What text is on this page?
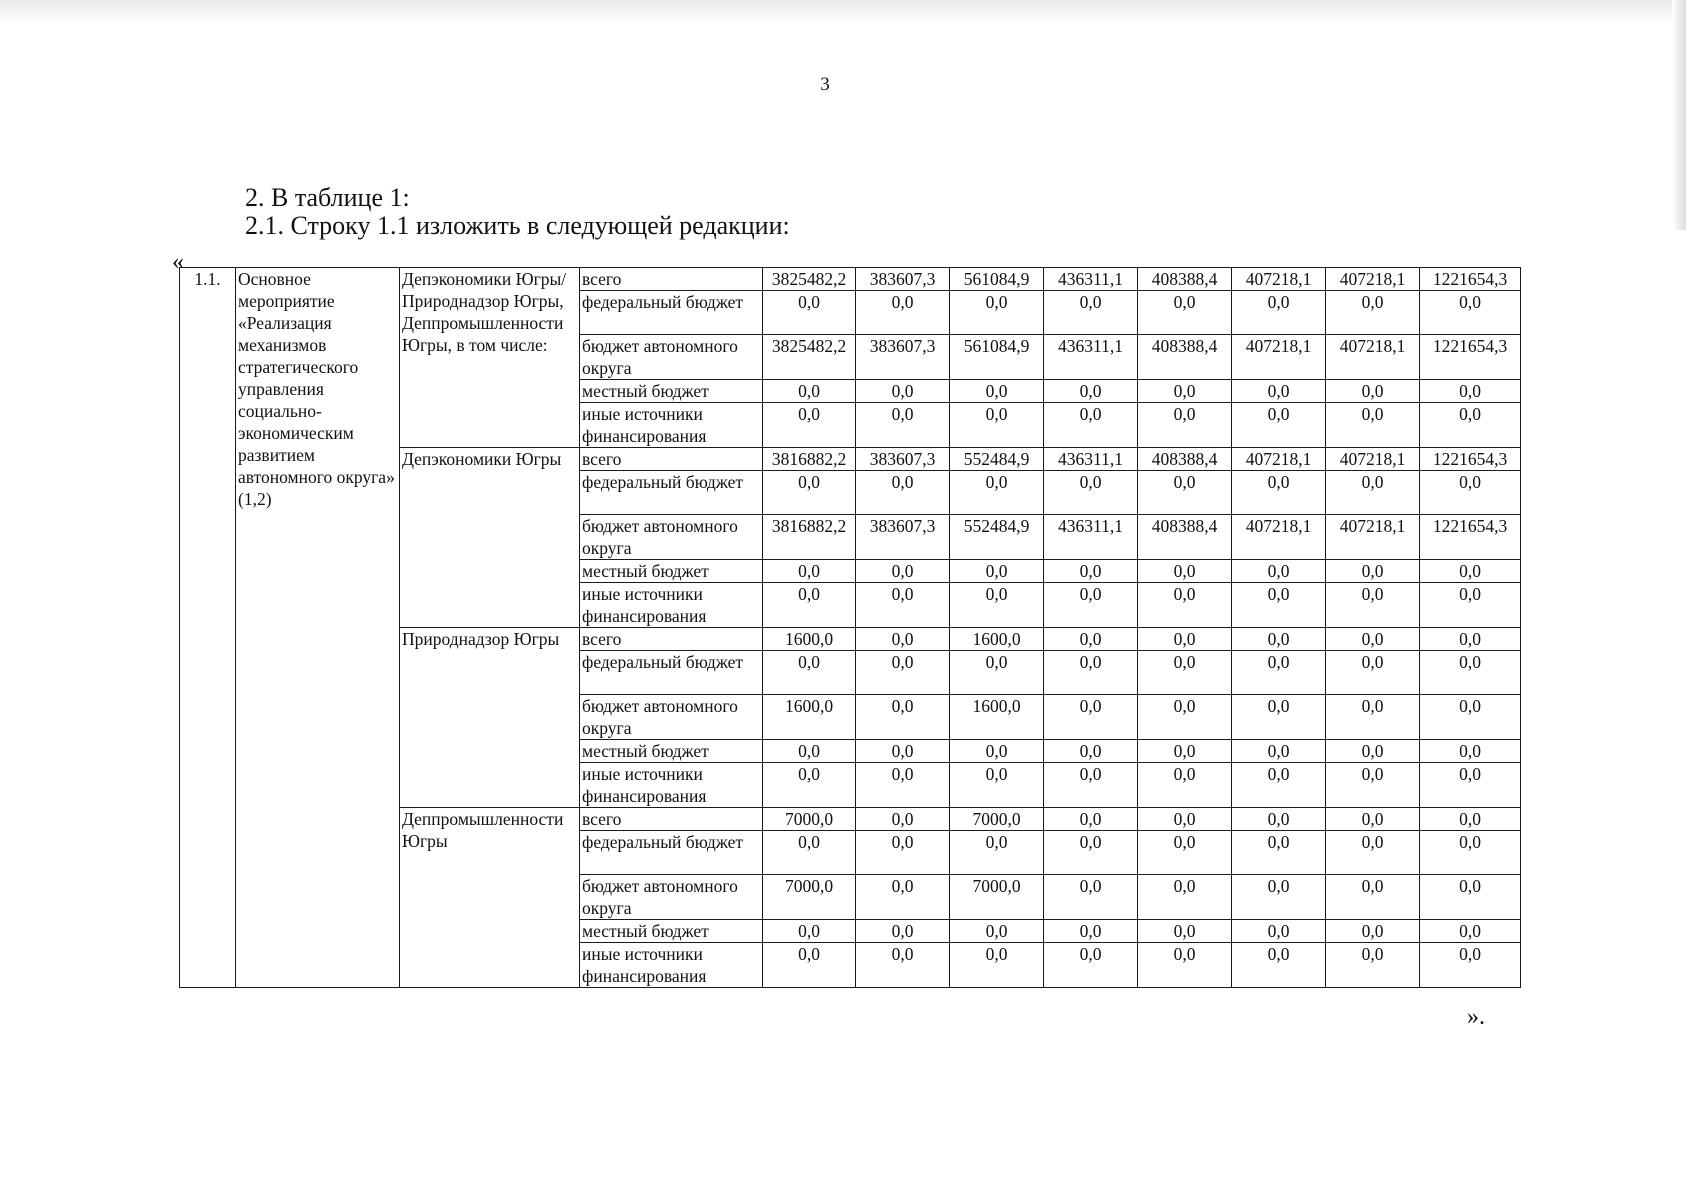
3
2. В таблице 1:
2.1. Строку 1.1 изложить в следующей редакции:
«
1.1.	Основное мероприятие «Реализация механизмов стратегического управления социально-экономическим развитием автономного округа» (1,2)	Депэкономики Югры/Природнадзор Югры, Деппромышленности Югры, в том числе:	всего	3825482,2	383607,3	561084,9	436311,1	408388,4	407218,1	407218,1	1221654,3
			федеральный бюджет	0,0	0,0	0,0	0,0	0,0	0,0	0,0	0,0
			бюджет автономного округа	3825482,2	383607,3	561084,9	436311,1	408388,4	407218,1	407218,1	1221654,3
			местный бюджет	0,0	0,0	0,0	0,0	0,0	0,0	0,0	0,0
			иные источники финансирования	0,0	0,0	0,0	0,0	0,0	0,0	0,0	0,0
		Депэкономики Югры	всего	3816882,2	383607,3	552484,9	436311,1	408388,4	407218,1	407218,1	1221654,3
			федеральный бюджет	0,0	0,0	0,0	0,0	0,0	0,0	0,0	0,0
			бюджет автономного округа	3816882,2	383607,3	552484,9	436311,1	408388,4	407218,1	407218,1	1221654,3
			местный бюджет	0,0	0,0	0,0	0,0	0,0	0,0	0,0	0,0
			иные источники финансирования	0,0	0,0	0,0	0,0	0,0	0,0	0,0	0,0
		Природнадзор Югры	всего	1600,0	0,0	1600,0	0,0	0,0	0,0	0,0	0,0
			федеральный бюджет	0,0	0,0	0,0	0,0	0,0	0,0	0,0	0,0
			бюджет автономного округа	1600,0	0,0	1600,0	0,0	0,0	0,0	0,0	0,0
			местный бюджет	0,0	0,0	0,0	0,0	0,0	0,0	0,0	0,0
			иные источники финансирования	0,0	0,0	0,0	0,0	0,0	0,0	0,0	0,0
		Деппромышленности Югры	всего	7000,0	0,0	7000,0	0,0	0,0	0,0	0,0	0,0
			федеральный бюджет	0,0	0,0	0,0	0,0	0,0	0,0	0,0	0,0
			бюджет автономного округа	7000,0	0,0	7000,0	0,0	0,0	0,0	0,0	0,0
			местный бюджет	0,0	0,0	0,0	0,0	0,0	0,0	0,0	0,0
			иные источники финансирования	0,0	0,0	0,0	0,0	0,0	0,0	0,0	0,0
».
